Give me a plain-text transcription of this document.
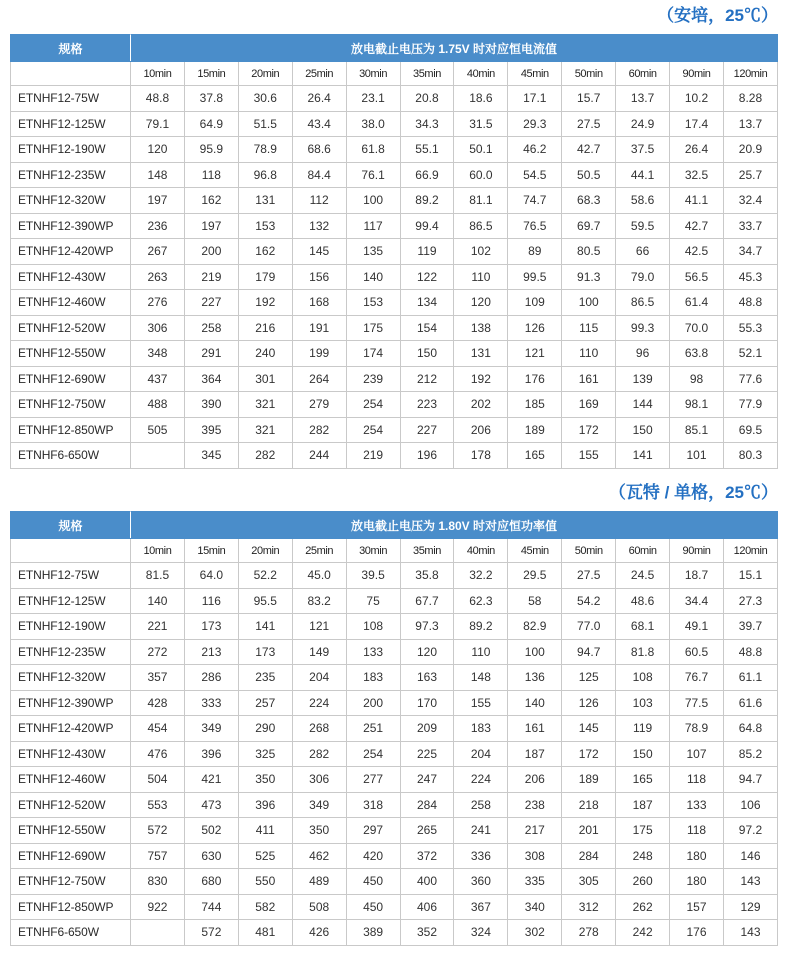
（安培，25℃）
规格	放电截止电压为 1.75V 时对应恒电流值											
	10min	15min	20min	25min	30min	35min	40min	45min	50min	60min	90min	120min
ETNHF12-75W	48.8	37.8	30.6	26.4	23.1	20.8	18.6	17.1	15.7	13.7	10.2	8.28
ETNHF12-125W	79.1	64.9	51.5	43.4	38.0	34.3	31.5	29.3	27.5	24.9	17.4	13.7
ETNHF12-190W	120	95.9	78.9	68.6	61.8	55.1	50.1	46.2	42.7	37.5	26.4	20.9
ETNHF12-235W	148	118	96.8	84.4	76.1	66.9	60.0	54.5	50.5	44.1	32.5	25.7
ETNHF12-320W	197	162	131	112	100	89.2	81.1	74.7	68.3	58.6	41.1	32.4
ETNHF12-390WP	236	197	153	132	117	99.4	86.5	76.5	69.7	59.5	42.7	33.7
ETNHF12-420WP	267	200	162	145	135	119	102	89	80.5	66	42.5	34.7
ETNHF12-430W	263	219	179	156	140	122	110	99.5	91.3	79.0	56.5	45.3
ETNHF12-460W	276	227	192	168	153	134	120	109	100	86.5	61.4	48.8
ETNHF12-520W	306	258	216	191	175	154	138	126	115	99.3	70.0	55.3
ETNHF12-550W	348	291	240	199	174	150	131	121	110	96	63.8	52.1
ETNHF12-690W	437	364	301	264	239	212	192	176	161	139	98	77.6
ETNHF12-750W	488	390	321	279	254	223	202	185	169	144	98.1	77.9
ETNHF12-850WP	505	395	321	282	254	227	206	189	172	150	85.1	69.5
ETNHF6-650W		345	282	244	219	196	178	165	155	141	101	80.3
（瓦特 / 单格，25℃）
规格	放电截止电压为 1.80V 时对应恒功率值											
	10min	15min	20min	25min	30min	35min	40min	45min	50min	60min	90min	120min
ETNHF12-75W	81.5	64.0	52.2	45.0	39.5	35.8	32.2	29.5	27.5	24.5	18.7	15.1
ETNHF12-125W	140	116	95.5	83.2	75	67.7	62.3	58	54.2	48.6	34.4	27.3
ETNHF12-190W	221	173	141	121	108	97.3	89.2	82.9	77.0	68.1	49.1	39.7
ETNHF12-235W	272	213	173	149	133	120	110	100	94.7	81.8	60.5	48.8
ETNHF12-320W	357	286	235	204	183	163	148	136	125	108	76.7	61.1
ETNHF12-390WP	428	333	257	224	200	170	155	140	126	103	77.5	61.6
ETNHF12-420WP	454	349	290	268	251	209	183	161	145	119	78.9	64.8
ETNHF12-430W	476	396	325	282	254	225	204	187	172	150	107	85.2
ETNHF12-460W	504	421	350	306	277	247	224	206	189	165	118	94.7
ETNHF12-520W	553	473	396	349	318	284	258	238	218	187	133	106
ETNHF12-550W	572	502	411	350	297	265	241	217	201	175	118	97.2
ETNHF12-690W	757	630	525	462	420	372	336	308	284	248	180	146
ETNHF12-750W	830	680	550	489	450	400	360	335	305	260	180	143
ETNHF12-850WP	922	744	582	508	450	406	367	340	312	262	157	129
ETNHF6-650W		572	481	426	389	352	324	302	278	242	176	143
